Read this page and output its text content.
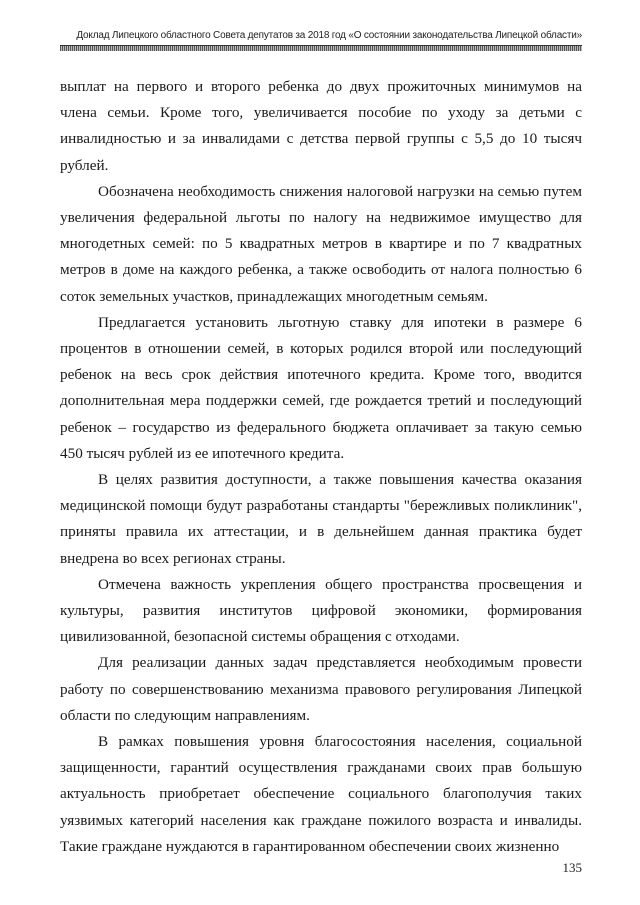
Доклад Липецкого областного Совета депутатов за 2018 год «О состоянии законодательства Липецкой области»

выплат на первого и второго ребенка до двух прожиточных минимумов на члена семьи. Кроме того, увеличивается пособие по уходу за детьми с инвалидностью и за инвалидами с детства первой группы с 5,5 до 10 тысяч рублей.

Обозначена необходимость снижения налоговой нагрузки на семью путем увеличения федеральной льготы по налогу на недвижимое имущество для многодетных семей: по 5 квадратных метров в квартире и по 7 квадратных метров в доме на каждого ребенка, а также освободить от налога полностью 6 соток земельных участков, принадлежащих многодетным семьям.

Предлагается установить льготную ставку для ипотеки в размере 6 процентов в отношении семей, в которых родился второй или последующий ребенок на весь срок действия ипотечного кредита. Кроме того, вводится дополнительная мера поддержки семей, где рождается третий и последующий ребенок – государство из федерального бюджета оплачивает за такую семью 450 тысяч рублей из ее ипотечного кредита.

В целях развития доступности, а также повышения качества оказания медицинской помощи будут разработаны стандарты "бережливых поликлиник", приняты правила их аттестации, и в дельнейшем данная практика будет внедрена во всех регионах страны.

Отмечена важность укрепления общего пространства просвещения и культуры, развития институтов цифровой экономики, формирования цивилизованной, безопасной системы обращения с отходами.

Для реализации данных задач представляется необходимым провести работу по совершенствованию механизма правового регулирования Липецкой области по следующим направлениям.

В рамках повышения уровня благосостояния населения, социальной защищенности, гарантий осуществления гражданами своих прав большую актуальность приобретает обеспечение социального благополучия таких уязвимых категорий населения как граждане пожилого возраста и инвалиды. Такие граждане нуждаются в гарантированном обеспечении своих жизненно

135
